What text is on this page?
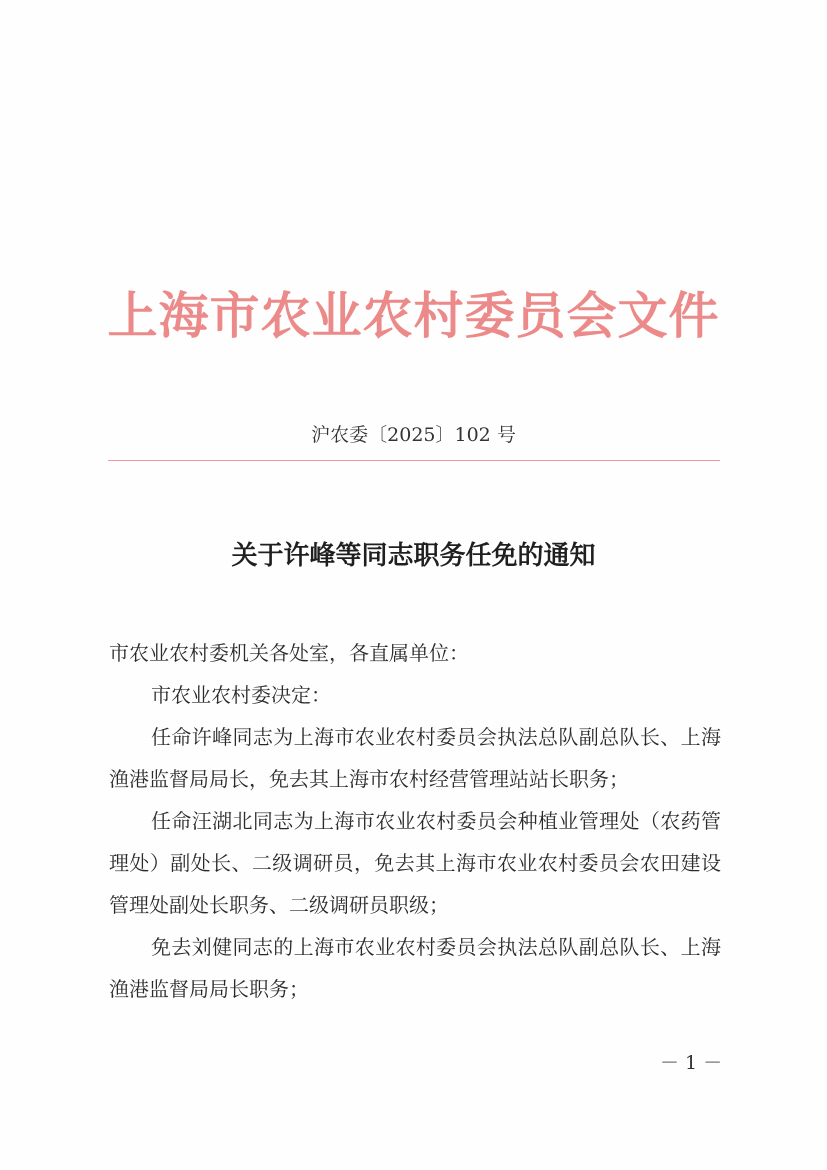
上海市农业农村委员会文件
沪农委〔2025〕102 号
关于许峰等同志职务任免的通知

市农业农村委机关各处室，各直属单位：

市农业农村委决定：

任命许峰同志为上海市农业农村委员会执法总队副总队长、上海渔港监督局局长，免去其上海市农村经营管理站站长职务；

任命汪湖北同志为上海市农业农村委员会种植业管理处（农药管理处）副处长、二级调研员，免去其上海市农业农村委员会农田建设管理处副处长职务、二级调研员职级；

免去刘健同志的上海市农业农村委员会执法总队副总队长、上海渔港监督局局长职务；

－ 1 －
